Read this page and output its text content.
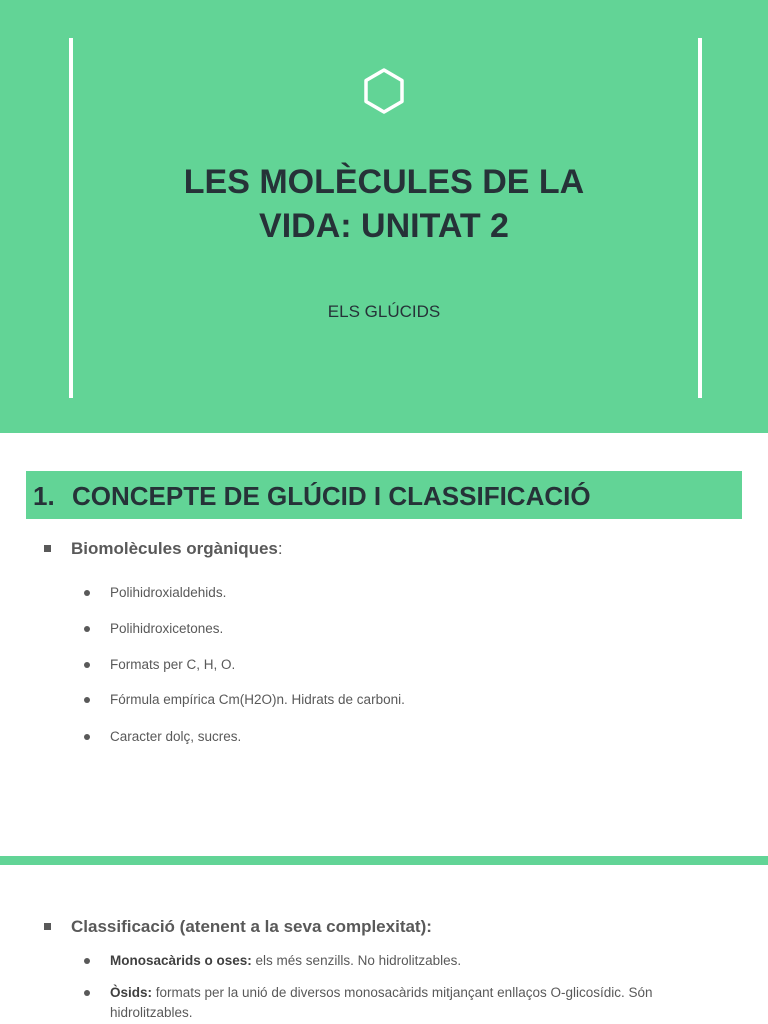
LES MOLÈCULES DE LA
VIDA: UNITAT 2
ELS GLÚCIDS
1. CONCEPTE DE GLÚCID I CLASSIFICACIÓ
Biomolècules orgàniques:
Polihidroxialdehids.
Polihidroxicetones.
Formats per C, H, O.
Fórmula empírica Cm(H2O)n. Hidrats de carboni.
Caracter dolç, sucres.
Classificació (atenent a la seva complexitat):
Monosacàrids o oses: els més senzills. No hidrolitzables.
Òsids: formats per la unió de diversos monosacàrids mitjançant enllaços O-glicosídic. Són hidrolitzables.
